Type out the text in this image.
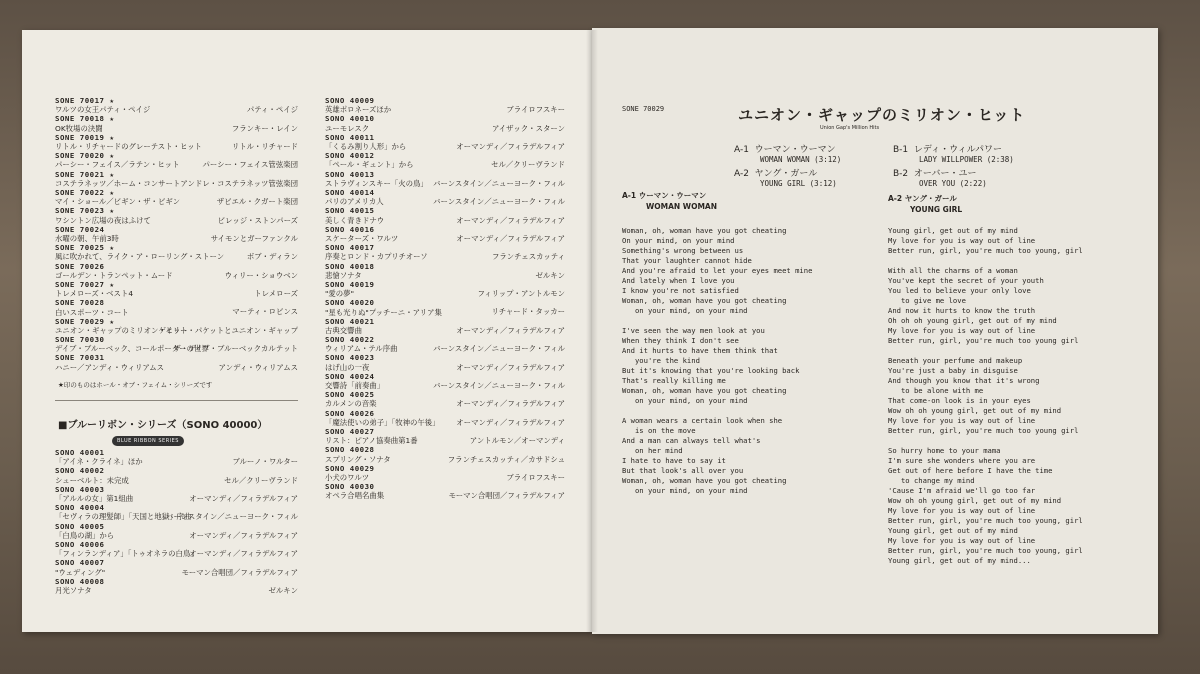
SONE 70017 ★
ワルツの女王パティ・ペイジ	パティ・ペイジ
SONE 70018 ★
OK牧場の決闘	フランキー・レイン
SONE 70019 ★
リトル・リチャードのグレーテスト・ヒット	リトル・リチャード
SONE 70020 ★
パーシー・フェイス／ラテン・ヒット	パーシー・フェイス管弦楽団
SONE 70021 ★
コステラネッツ／ホーム・コンサート アンドレ・コステラネッツ管弦楽団
SONE 70022 ★
マイ・ショール／ビギン・ザ・ビギン	ザビエル・クガート楽団
SONE 70023 ★
ワシントン広場の夜はふけて	ビレッジ・ストンパーズ
SONE 70024
水曜の朝、午前3時	サイモンとガーファンクル
SONE 70025 ★
風に吹かれて、ライク・ア・ローリング・ストーン	ボブ・ディラン
SONE 70026
ゴールデン・トランペット・ムード	ウィリー・ショウベン
SONE 70027 ★
トレメローズ・ベスト4	トレメローズ
SONE 70028
白いスポーツ・コート	マーティ・ロビンス
SONE 70029 ★
ユニオン・ギャップのミリオン・ヒット
ゲイリー・パケットとユニオン・ギャップ
SONE 70030
デイブ・ブルーベック、コールポーターの世界
ザ・デイブ・ブルーベックカルテット
SONE 70031
ハニー／アンディ・ウィリアムス	アンディ・ウィリアムス
★印のものはホール・オブ・フェイム・シリーズです
■ブルーリボン・シリーズ（SONO 40000）
BLUE RIBBON SERIES
SONO 40001
「アイネ・クライネ」ほか	ブルーノ・ワルター
SONO 40002
シューベルト：未完成	セル／クリーヴランド
SONO 40003
「アルルの女」第1組曲	オーマンディ／フィラデルフィア
SONO 40004
「セヴィラの理髪師」「天国と地獄」序曲
バーンスタイン／ニューヨーク・フィル
SONO 40005
「白鳥の湖」から	オーマンディ／フィラデルフィア
SONO 40006
「フィンランディア」「トゥオネラの白鳥」
オーマンディ／フィラデルフィア
SONO 40007
"ウェディング"	モーマン合唱団／フィラデルフィア
SONO 40008
月光ソナタ	ゼルキン
SONO 40009
英雄ポロネーズほか	ブライロフスキー
SONO 40010
ユーモレスク	アイザック・スターン
SONO 40011
「くるみ割り人形」から	オーマンディ／フィラデルフィア
SONO 40012
「ペール・ギュント」から	セル／クリーヴランド
SONO 40013
ストラヴィンスキー「火の鳥」 バーンスタイン／ニューヨーク・フィル
SONO 40014
パリのアメリカ人	バーンスタイン／ニューヨーク・フィル
SONO 40015
美しく青きドナウ	オーマンディ／フィラデルフィア
SONO 40016
スケーターズ・ワルツ	オーマンディ／フィラデルフィア
SONO 40017
序奏とロンド・カプリチオーソ	フランチェスカッティ
SONO 40018
悲愴ソナタ	ゼルキン
SONO 40019
"愛の夢"	フィリップ・アントルモン
SONO 40020
"星も光りぬ"プッチーニ・アリア集	リチャード・タッカー
SONO 40021
古典交響曲	オーマンディ／フィラデルフィア
SONO 40022
ウィリアム・テル序曲	バーンスタイン／ニューヨーク・フィル
SONO 40023
はげ山の一夜	オーマンディ／フィラデルフィア
SONO 40024
交響詩「前奏曲」	バーンスタイン／ニューヨーク・フィル
SONO 40025
カルメンの音楽	オーマンディ／フィラデルフィア
SONO 40026
「魔法使いの弟子」「牧神の午後」	オーマンディ／フィラデルフィア
SONO 40027
リスト：ピアノ協奏曲第1番	アントルモン／オーマンディ
SONO 40028
スプリング・ソナタ	フランチェスカッティ／カサドシュ
SONO 40029
小犬のワルツ	ブライロフスキー
SONO 40030
オペラ合唱名曲集	モーマン合唱団／フィラデルフィア
SONE 70029	ユニオン・ギャップのミリオン・ヒット
Union Gap's Million Hits
A-1 ウーマン・ウーマン
WOMAN WOMAN (3:12)
A-2 ヤング・ガール
YOUNG GIRL (3:12)
B-1 レディ・ウィルパワー
LADY WILLPOWER (2:38)
B-2 オーバー・ユー
OVER YOU (2:22)
A-1 ウーマン・ウーマン
WOMAN WOMAN
Woman, oh, woman have you got cheating
On your mind, on your mind
Something's wrong between us
That your laughter cannot hide
And you're afraid to let your eyes meet mine
And lately when I love you
I know you're not satisfied
Woman, oh, woman have you got cheating
on your mind, on your mind

I've seen the way men look at you
When they think I don't see
And it hurts to have them think that
you're the kind
But it's knowing that you're looking back
That's really killing me
Woman, oh, woman have you got cheating
on your mind, on your mind

A woman wears a certain look when she
is on the move
And a man can always tell what's
on her mind
I hate to have to say it
But that look's all over you
Woman, oh, woman have you got cheating
on your mind, on your mind
A-2 ヤング・ガール
YOUNG GIRL
Young girl, get out of my mind
My love for you is way out of line
Better run, girl, you're much too young, girl

With all the charms of a woman
You've kept the secret of your youth
You led to believe your only love
to give me love
And now it hurts to know the truth
Oh oh oh young girl, get out of my mind
My love for you is way out of line
Better run, girl, you're much too young girl

Beneath your perfume and makeup
You're just a baby in disguise
And though you know that it's wrong
to be alone with me
That come-on look is in your eyes
Wow oh oh young girl, get out of my mind
My love for you is way out of line
Better run, girl, you're much too young girl

So hurry home to your mama
I'm sure she wonders where you are
Get out of here before I have the time
to change my mind
'Cause I'm afraid we'll go too far
Wow oh oh young girl, get out of my mind
My love for you is way out of line
Better run, girl, you're much too young, girl
Young girl, get out of my mind
My love for you is way out of line
Better run, girl, you're much too young, girl
Young girl, get out of my mind...
